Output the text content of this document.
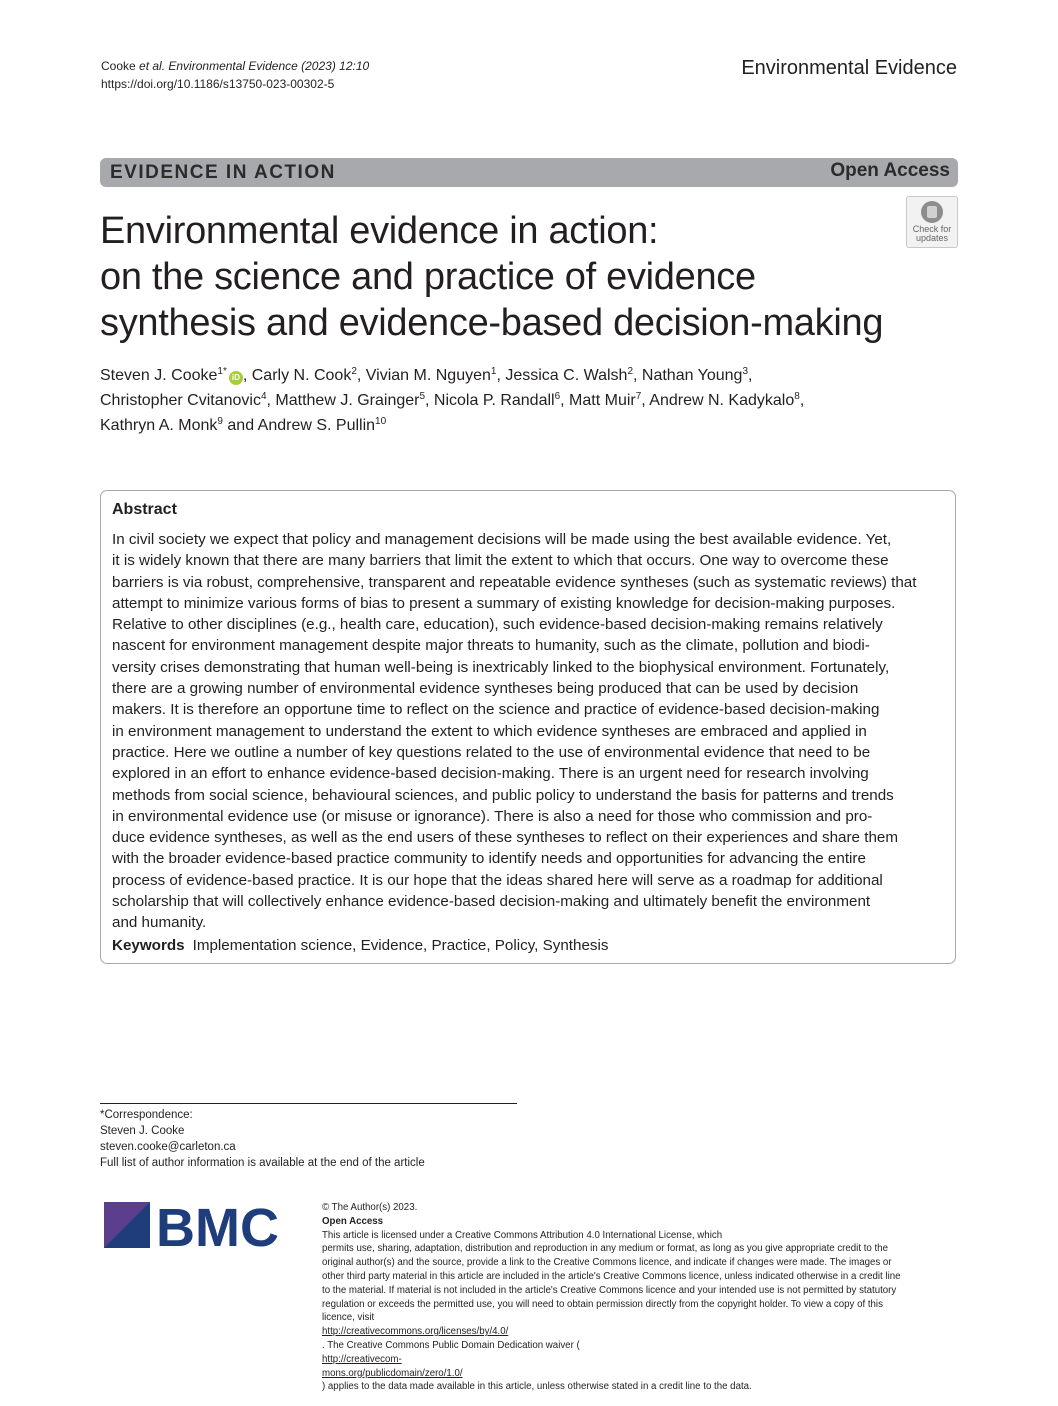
Cooke et al. Environmental Evidence (2023) 12:10
https://doi.org/10.1186/s13750-023-00302-5
Environmental Evidence
EVIDENCE IN ACTION	Open Access
Check for
updates
Environmental evidence in action:
on the science and practice of evidence
synthesis and evidence-based decision-making
Steven J. Cooke$^{1*}$iD , Carly N. Cook$^2$, Vivian M. Nguyen$^1$, Jessica C. Walsh$^2$, Nathan Young$^3$,
Christopher Cvitanovic$^4$, Matthew J. Grainger$^5$, Nicola P. Randall$^6$, Matt Muir$^7$, Andrew N. Kadykalo$^8$,
Kathryn A. Monk$^9$ and Andrew S. Pullin$^{10}$
Abstract
In civil society we expect that policy and management decisions will be made using the best available evidence. Yet,
it is widely known that there are many barriers that limit the extent to which that occurs. One way to overcome these
barriers is via robust, comprehensive, transparent and repeatable evidence syntheses (such as systematic reviews) that
attempt to minimize various forms of bias to present a summary of existing knowledge for decision-making purposes.
Relative to other disciplines (e.g., health care, education), such evidence-based decision-making remains relatively
nascent for environment management despite major threats to humanity, such as the climate, pollution and biodi-
versity crises demonstrating that human well-being is inextricably linked to the biophysical environment. Fortunately,
there are a growing number of environmental evidence syntheses being produced that can be used by decision
makers. It is therefore an opportune time to reflect on the science and practice of evidence-based decision-making
in environment management to understand the extent to which evidence syntheses are embraced and applied in
practice. Here we outline a number of key questions related to the use of environmental evidence that need to be
explored in an effort to enhance evidence-based decision-making. There is an urgent need for research involving
methods from social science, behavioural sciences, and public policy to understand the basis for patterns and trends
in environmental evidence use (or misuse or ignorance). There is also a need for those who commission and pro-
duce evidence syntheses, as well as the end users of these syntheses to reflect on their experiences and share them
with the broader evidence-based practice community to identify needs and opportunities for advancing the entire
process of evidence-based practice. It is our hope that the ideas shared here will serve as a roadmap for additional
scholarship that will collectively enhance evidence-based decision-making and ultimately benefit the environment
and humanity.
Keywords Implementation science, Evidence, Practice, Policy, Synthesis
*Correspondence:
Steven J. Cooke
steven.cooke@carleton.ca
Full list of author information is available at the end of the article
BMC	© The Author(s) 2023.
Open Access
This article is licensed under a Creative Commons Attribution 4.0 International License, which
permits use, sharing, adaptation, distribution and reproduction in any medium or format, as long as you give appropriate credit to the
original author(s) and the source, provide a link to the Creative Commons licence, and indicate if changes were made. The images or
other third party material in this article are included in the article's Creative Commons licence, unless indicated otherwise in a credit line
to the material. If material is not included in the article's Creative Commons licence and your intended use is not permitted by statutory
regulation or exceeds the permitted use, you will need to obtain permission directly from the copyright holder. To view a copy of this
licence, visit
http://creativecommons.org/licenses/by/4.0/
. The Creative Commons Public Domain Dedication waiver (
http://creativecom-
mons.org/publicdomain/zero/1.0/
) applies to the data made available in this article, unless otherwise stated in a credit line to the data.
